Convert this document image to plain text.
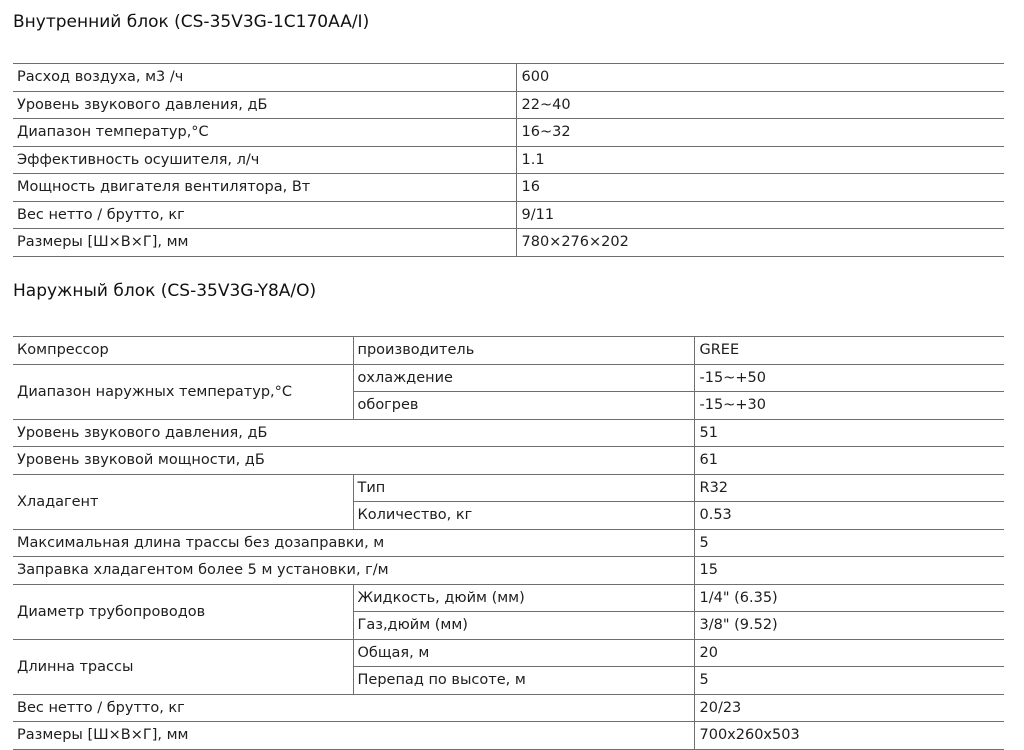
Внутренний блок (CS-35V3G-1C170AA/I)
Расход воздуха, м3 /ч	600
Уровень звукового давления, дБ	22~40
Диапазон температур,°С	16~32
Эффективность осушителя, л/ч	1.1
Мощность двигателя вентилятора, Вт	16
Вес нетто / брутто, кг	9/11
Размеры [Ш×В×Г], мм	780×276×202
Наружный блок (CS-35V3G-Y8A/O)
Компрессор	производитель	GREE
Диапазон наружных температур,°С	охлаждение	-15~+50
	обогрев	-15~+30
Уровень звукового давления, дБ		51
Уровень звуковой мощности, дБ		61
Хладагент	Тип	R32
	Количество, кг	0.53
Максимальная длина трассы без дозаправки, м		5
Заправка хладагентом более 5 м установки, г/м		15
Диаметр трубопроводов	Жидкость, дюйм (мм)	1/4" (6.35)
	Газ,дюйм (мм)	3/8" (9.52)
Длинна трассы	Общая, м	20
	Перепад по высоте, м	5
Вес нетто / брутто, кг		20/23
Размеры [Ш×В×Г], мм		700x260x503
